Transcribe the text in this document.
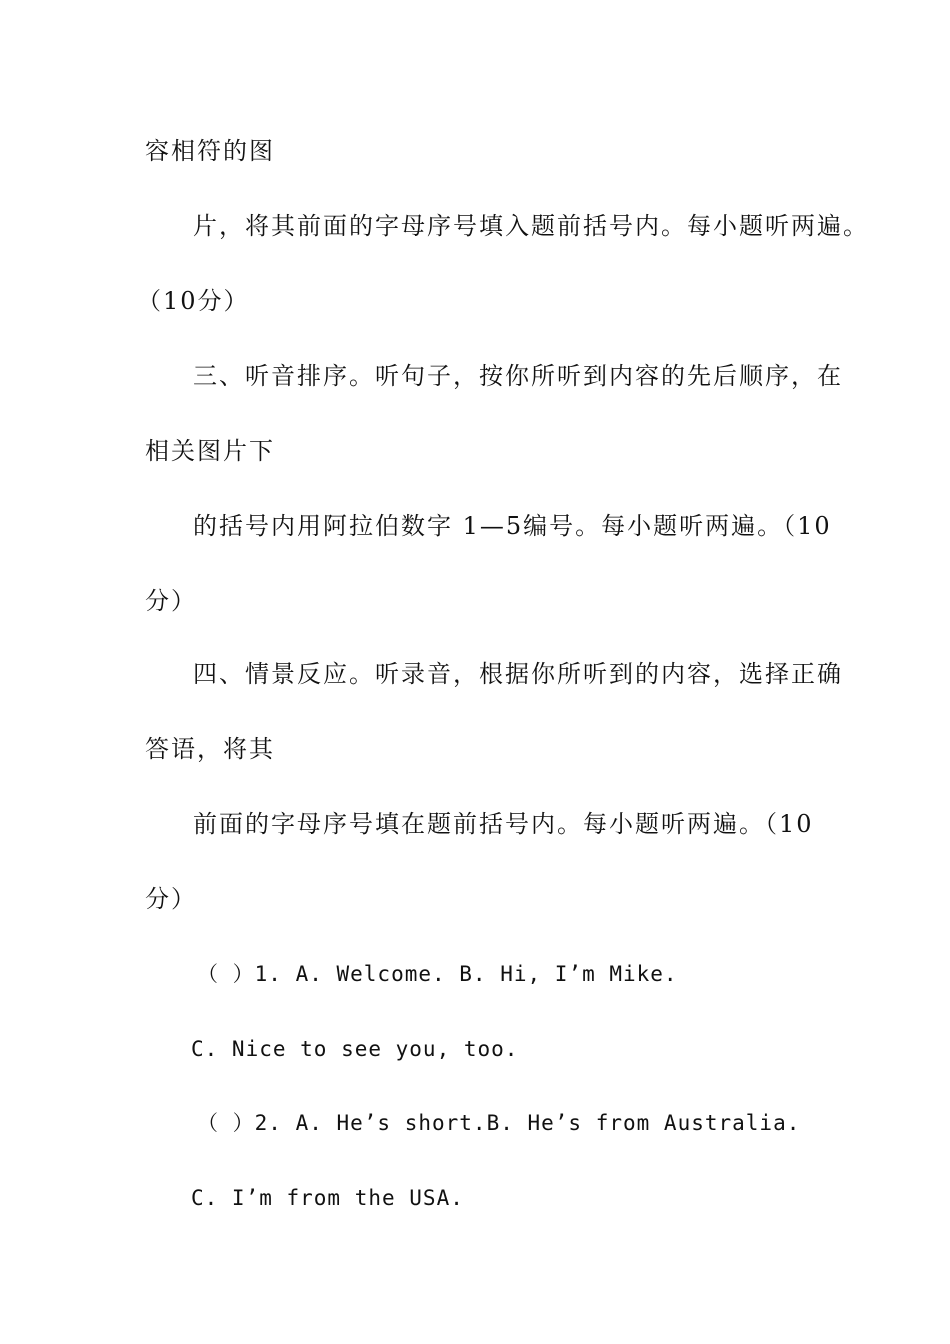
容相符的图
片，将其前面的字母序号填入题前括号内。每小题听两遍。
（10分）
三、听音排序。听句子，按你所听到内容的先后顺序，在
相关图片下
的括号内用阿拉伯数字 1—5编号。每小题听两遍。（10
分）
四、情景反应。听录音，根据你所听到的内容，选择正确
答语，将其
前面的字母序号填在题前括号内。每小题听两遍。（10
分）
（ ）1. A. Welcome. B. Hi, I’m Mike.
C. Nice to see you, too.
（ ）2. A. He’s short.B. He’s from Australia.
C. I’m from the USA.
